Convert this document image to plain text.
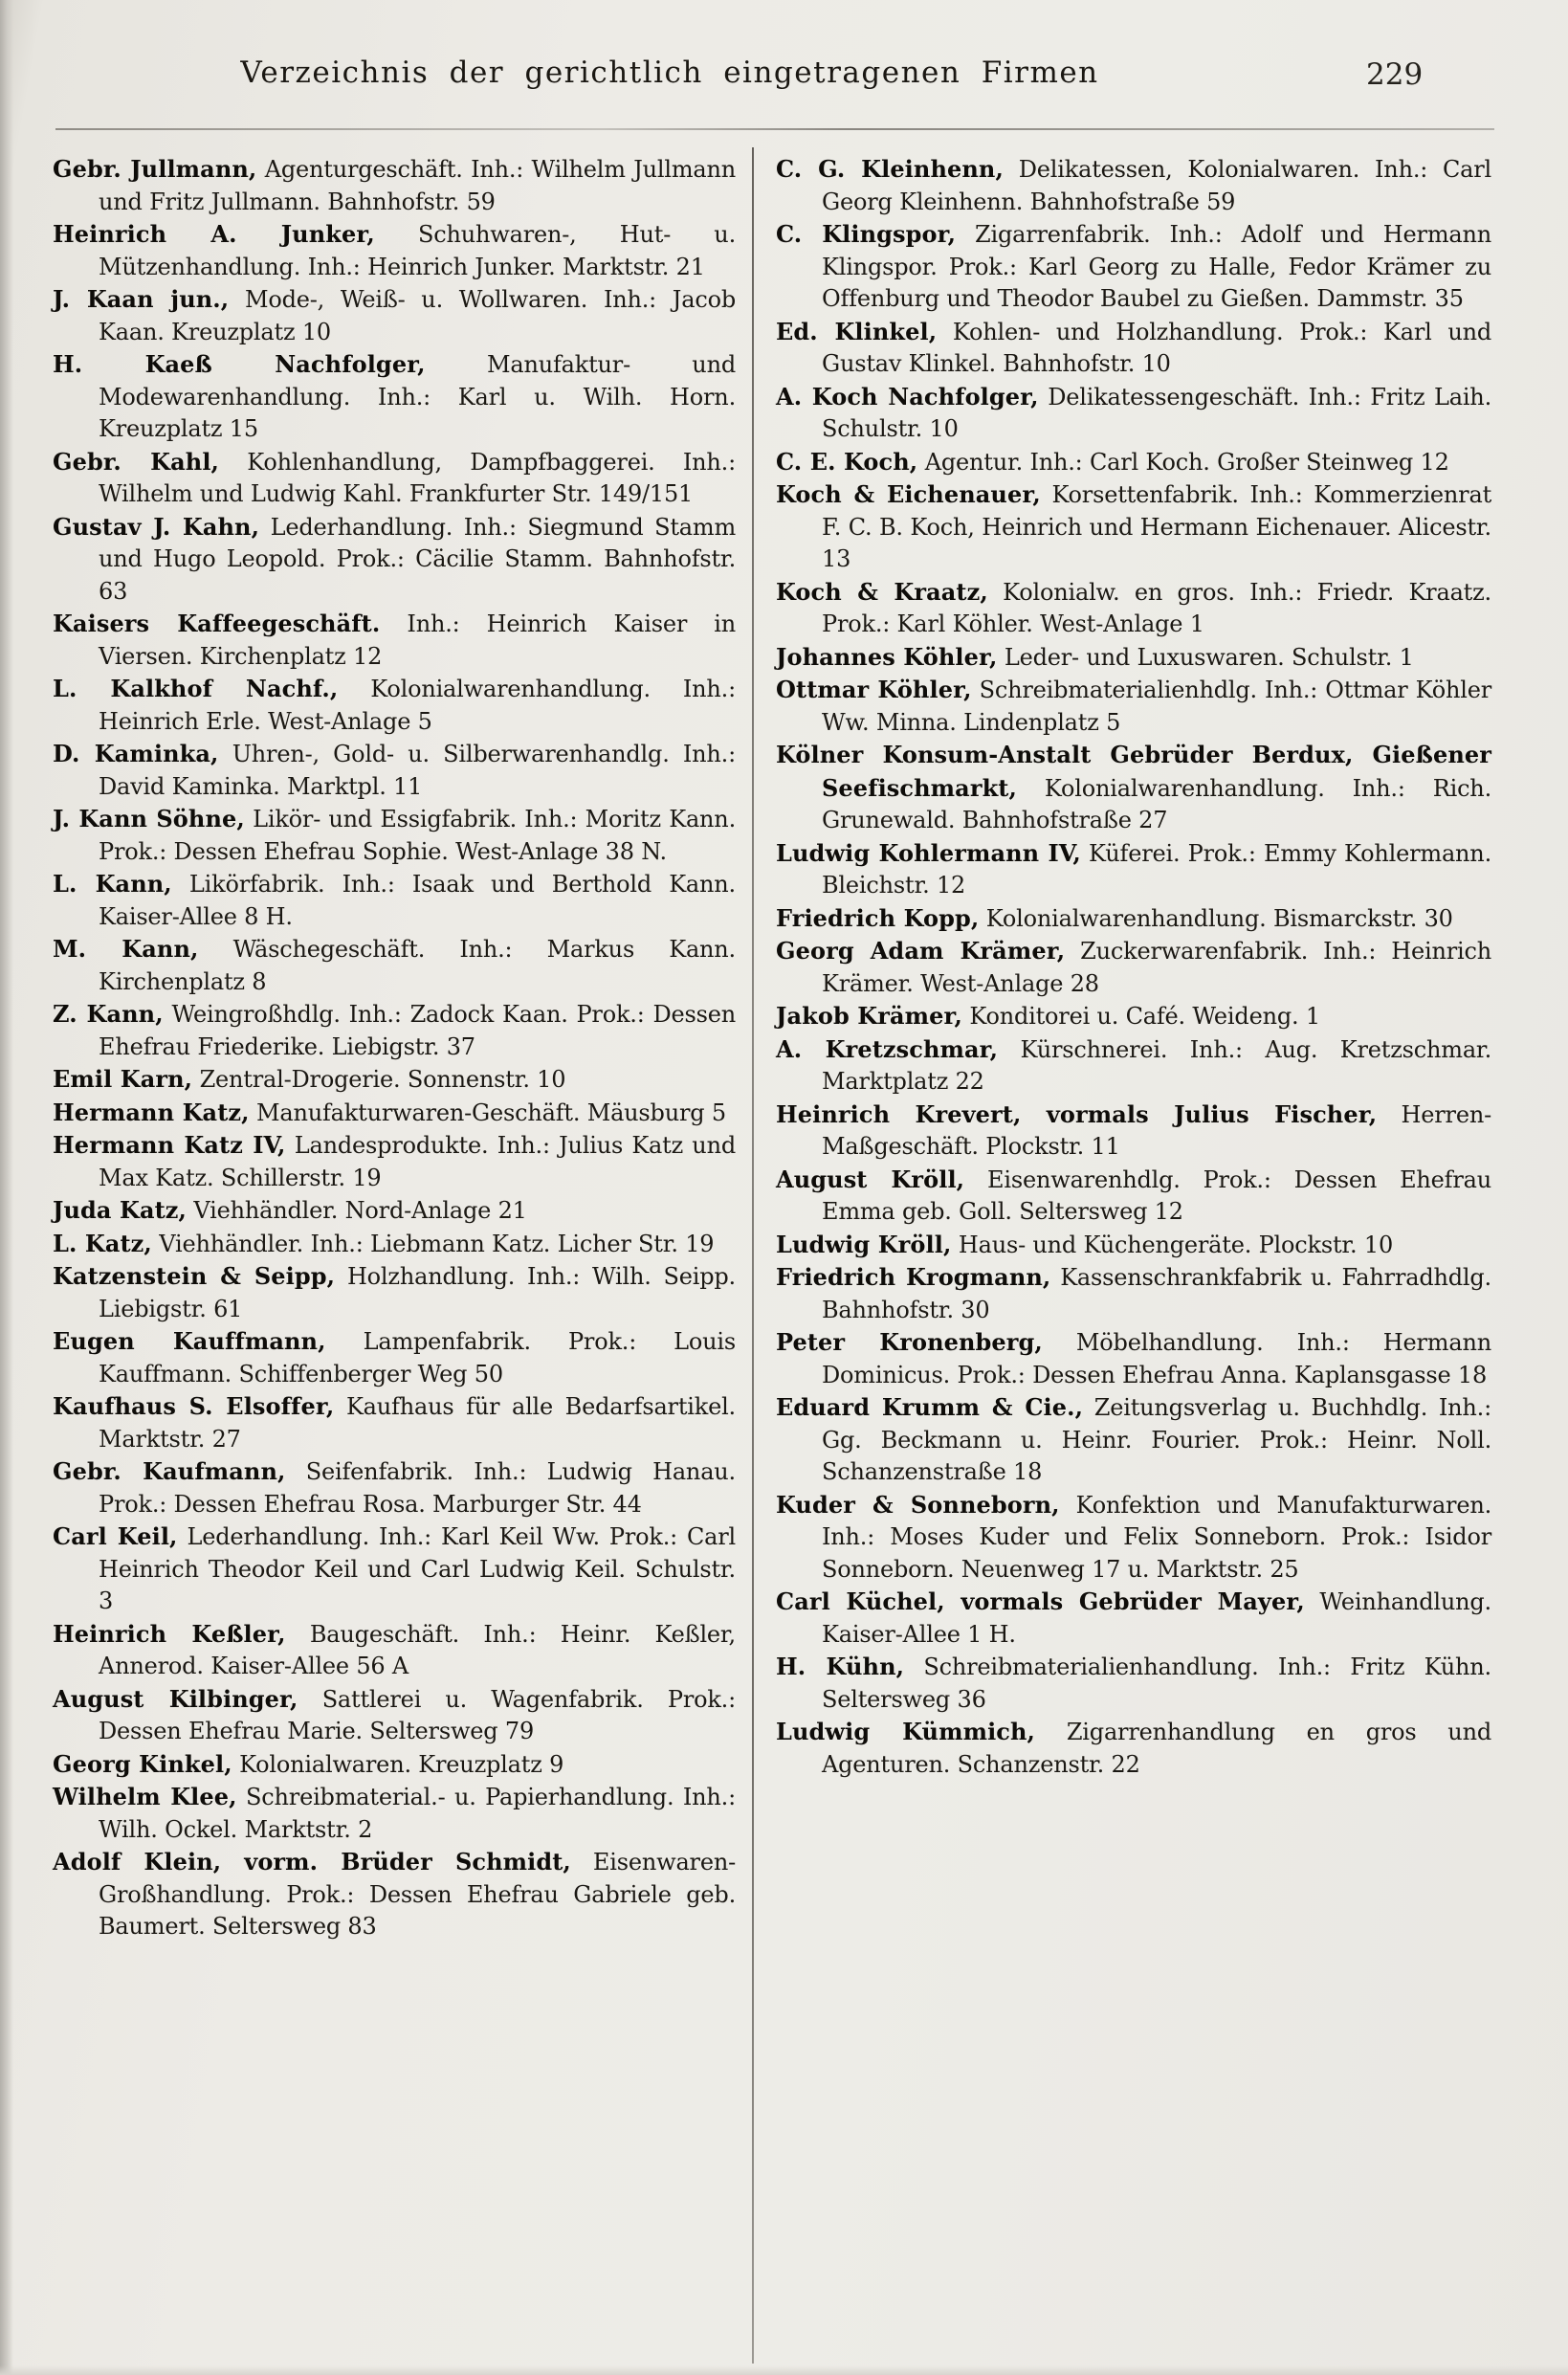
Verzeichnis der gerichtlich eingetragenen Firmen	229

Gebr. Jullmann, Agenturgeschäft. Inh.: Wilhelm Jullmann und Fritz Jullmann. Bahnhofstr. 59

Heinrich A. Junker, Schuhwaren-, Hut- u. Mützenhandlung. Inh.: Heinrich Junker. Marktstr. 21

J. Kaan jun., Mode-, Weiß- u. Wollwaren. Inh.: Jacob Kaan. Kreuzplatz 10

H. Kaeß Nachfolger, Manufaktur- und Modewarenhandlung. Inh.: Karl u. Wilh. Horn. Kreuzplatz 15

Gebr. Kahl, Kohlenhandlung, Dampfbaggerei. Inh.: Wilhelm und Ludwig Kahl. Frankfurter Str. 149/151

Gustav J. Kahn, Lederhandlung. Inh.: Siegmund Stamm und Hugo Leopold. Prok.: Cäcilie Stamm. Bahnhofstr. 63

Kaisers Kaffeegeschäft. Inh.: Heinrich Kaiser in Viersen. Kirchenplatz 12

L. Kalkhof Nachf., Kolonialwarenhandlung. Inh.: Heinrich Erle. West-Anlage 5

D. Kaminka, Uhren-, Gold- u. Silberwarenhandlg. Inh.: David Kaminka. Marktpl. 11

J. Kann Söhne, Likör- und Essigfabrik. Inh.: Moritz Kann. Prok.: Dessen Ehefrau Sophie. West-Anlage 38 N.

L. Kann, Likörfabrik. Inh.: Isaak und Berthold Kann. Kaiser-Allee 8 H.

M. Kann, Wäschegeschäft. Inh.: Markus Kann. Kirchenplatz 8

Z. Kann, Weingroßhdlg. Inh.: Zadock Kaan. Prok.: Dessen Ehefrau Friederike. Liebigstr. 37

Emil Karn, Zentral-Drogerie. Sonnenstr. 10

Hermann Katz, Manufakturwaren-Geschäft. Mäusburg 5

Hermann Katz IV, Landesprodukte. Inh.: Julius Katz und Max Katz. Schillerstr. 19

Juda Katz, Viehhändler. Nord-Anlage 21

L. Katz, Viehhändler. Inh.: Liebmann Katz. Licher Str. 19

Katzenstein & Seipp, Holzhandlung. Inh.: Wilh. Seipp. Liebigstr. 61

Eugen Kauffmann, Lampenfabrik. Prok.: Louis Kauffmann. Schiffenberger Weg 50

Kaufhaus S. Elsoffer, Kaufhaus für alle Bedarfsartikel. Marktstr. 27

Gebr. Kaufmann, Seifenfabrik. Inh.: Ludwig Hanau. Prok.: Dessen Ehefrau Rosa. Marburger Str. 44

Carl Keil, Lederhandlung. Inh.: Karl Keil Ww. Prok.: Carl Heinrich Theodor Keil und Carl Ludwig Keil. Schulstr. 3

Heinrich Keßler, Baugeschäft. Inh.: Heinr. Keßler, Annerod. Kaiser-Allee 56 A

August Kilbinger, Sattlerei u. Wagenfabrik. Prok.: Dessen Ehefrau Marie. Seltersweg 79

Georg Kinkel, Kolonialwaren. Kreuzplatz 9

Wilhelm Klee, Schreibmaterial.- u. Papierhandlung. Inh.: Wilh. Ockel. Marktstr. 2

Adolf Klein, vorm. Brüder Schmidt, Eisenwaren-Großhandlung. Prok.: Dessen Ehefrau Gabriele geb. Baumert. Seltersweg 83

C. G. Kleinhenn, Delikatessen, Kolonialwaren. Inh.: Carl Georg Kleinhenn. Bahnhofstraße 59

C. Klingspor, Zigarrenfabrik. Inh.: Adolf und Hermann Klingspor. Prok.: Karl Georg zu Halle, Fedor Krämer zu Offenburg und Theodor Baubel zu Gießen. Dammstr. 35

Ed. Klinkel, Kohlen- und Holzhandlung. Prok.: Karl und Gustav Klinkel. Bahnhofstr. 10

A. Koch Nachfolger, Delikatessengeschäft. Inh.: Fritz Laih. Schulstr. 10

C. E. Koch, Agentur. Inh.: Carl Koch. Großer Steinweg 12

Koch & Eichenauer, Korsettenfabrik. Inh.: Kommerzienrat F. C. B. Koch, Heinrich und Hermann Eichenauer. Alicestr. 13

Koch & Kraatz, Kolonialw. en gros. Inh.: Friedr. Kraatz. Prok.: Karl Köhler. West-Anlage 1

Johannes Köhler, Leder- und Luxuswaren. Schulstr. 1

Ottmar Köhler, Schreibmaterialienhdlg. Inh.: Ottmar Köhler Ww. Minna. Lindenplatz 5

Kölner Konsum-Anstalt Gebrüder Berdux, Gießener Seefischmarkt, Kolonialwarenhandlung. Inh.: Rich. Grunewald. Bahnhofstraße 27

Ludwig Kohlermann IV, Küferei. Prok.: Emmy Kohlermann. Bleichstr. 12

Friedrich Kopp, Kolonialwarenhandlung. Bismarckstr. 30

Georg Adam Krämer, Zuckerwarenfabrik. Inh.: Heinrich Krämer. West-Anlage 28

Jakob Krämer, Konditorei u. Café. Weideng. 1

A. Kretzschmar, Kürschnerei. Inh.: Aug. Kretzschmar. Marktplatz 22

Heinrich Krevert, vormals Julius Fischer, Herren-Maßgeschäft. Plockstr. 11

August Kröll, Eisenwarenhdlg. Prok.: Dessen Ehefrau Emma geb. Goll. Seltersweg 12

Ludwig Kröll, Haus- und Küchengeräte. Plockstr. 10

Friedrich Krogmann, Kassenschrankfabrik u. Fahrradhdlg. Bahnhofstr. 30

Peter Kronenberg, Möbelhandlung. Inh.: Hermann Dominicus. Prok.: Dessen Ehefrau Anna. Kaplansgasse 18

Eduard Krumm & Cie., Zeitungsverlag u. Buchhdlg. Inh.: Gg. Beckmann u. Heinr. Fourier. Prok.: Heinr. Noll. Schanzenstraße 18

Kuder & Sonneborn, Konfektion und Manufakturwaren. Inh.: Moses Kuder und Felix Sonneborn. Prok.: Isidor Sonneborn. Neuenweg 17 u. Marktstr. 25

Carl Küchel, vormals Gebrüder Mayer, Weinhandlung. Kaiser-Allee 1 H.

H. Kühn, Schreibmaterialienhandlung. Inh.: Fritz Kühn. Seltersweg 36

Ludwig Kümmich, Zigarrenhandlung en gros und Agenturen. Schanzenstr. 22
